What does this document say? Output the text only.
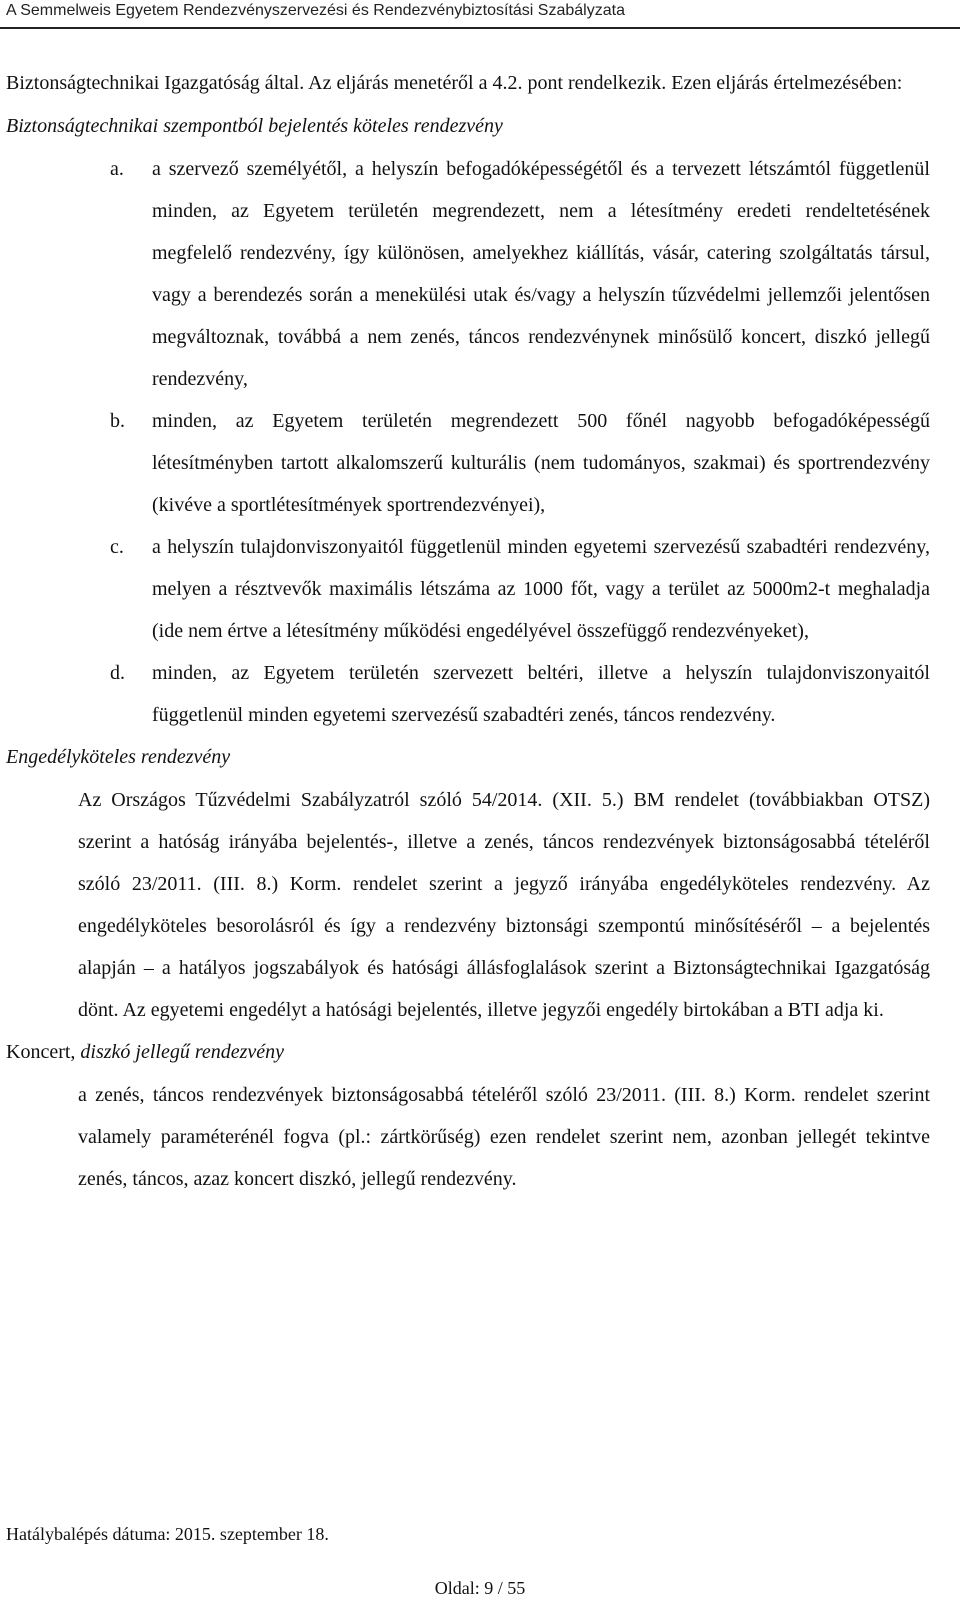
A Semmelweis Egyetem Rendezvényszervezési és Rendezvénybiztosítási Szabályzata
Biztonságtechnikai Igazgatóság által. Az eljárás menetéről a 4.2. pont rendelkezik. Ezen eljárás értelmezésében:
Biztonságtechnikai szempontból bejelentés köteles rendezvény
a. a szervező személyétől, a helyszín befogadóképességétől és a tervezett létszámtól függetlenül minden, az Egyetem területén megrendezett, nem a létesítmény eredeti rendeltetésének megfelelő rendezvény, így különösen, amelyekhez kiállítás, vásár, catering szolgáltatás társul, vagy a berendezés során a menekülési utak és/vagy a helyszín tűzvédelmi jellemzői jelentősen megváltoznak, továbbá a nem zenés, táncos rendezvénynek minősülő koncert, diszkó jellegű rendezvény,
b. minden, az Egyetem területén megrendezett 500 főnél nagyobb befogadóképességű létesítményben tartott alkalomszerű kulturális (nem tudományos, szakmai) és sportrendezvény (kivéve a sportlétesítmények sportrendezvényei),
c. a helyszín tulajdonviszonyaitól függetlenül minden egyetemi szervezésű szabadtéri rendezvény, melyen a résztvevők maximális létszáma az 1000 főt, vagy a terület az 5000m2-t meghaladja (ide nem értve a létesítmény működési engedélyével összefüggő rendezvényeket),
d. minden, az Egyetem területén szervezett beltéri, illetve a helyszín tulajdonviszonyaitól függetlenül minden egyetemi szervezésű szabadtéri zenés, táncos rendezvény.
Engedélyköteles rendezvény
Az Országos Tűzvédelmi Szabályzatról szóló 54/2014. (XII. 5.) BM rendelet (továbbiakban OTSZ) szerint a hatóság irányába bejelentés-, illetve a zenés, táncos rendezvények biztonságosabbá tételéről szóló 23/2011. (III. 8.) Korm. rendelet szerint a jegyző irányába engedélyköteles rendezvény. Az engedélyköteles besorolásról és így a rendezvény biztonsági szempontú minősítéséről – a bejelentés alapján – a hatályos jogszabályok és hatósági állásfoglalások szerint a Biztonságtechnikai Igazgatóság dönt. Az egyetemi engedélyt a hatósági bejelentés, illetve jegyzői engedély birtokában a BTI adja ki.
Koncert, diszkó jellegű rendezvény
a zenés, táncos rendezvények biztonságosabbá tételéről szóló 23/2011. (III. 8.) Korm. rendelet szerint valamely paraméterénél fogva (pl.: zártkörűség) ezen rendelet szerint nem, azonban jellegét tekintve zenés, táncos, azaz koncert diszkó, jellegű rendezvény.
Hatálybalépés dátuma: 2015. szeptember 18.
Oldal: 9 / 55
